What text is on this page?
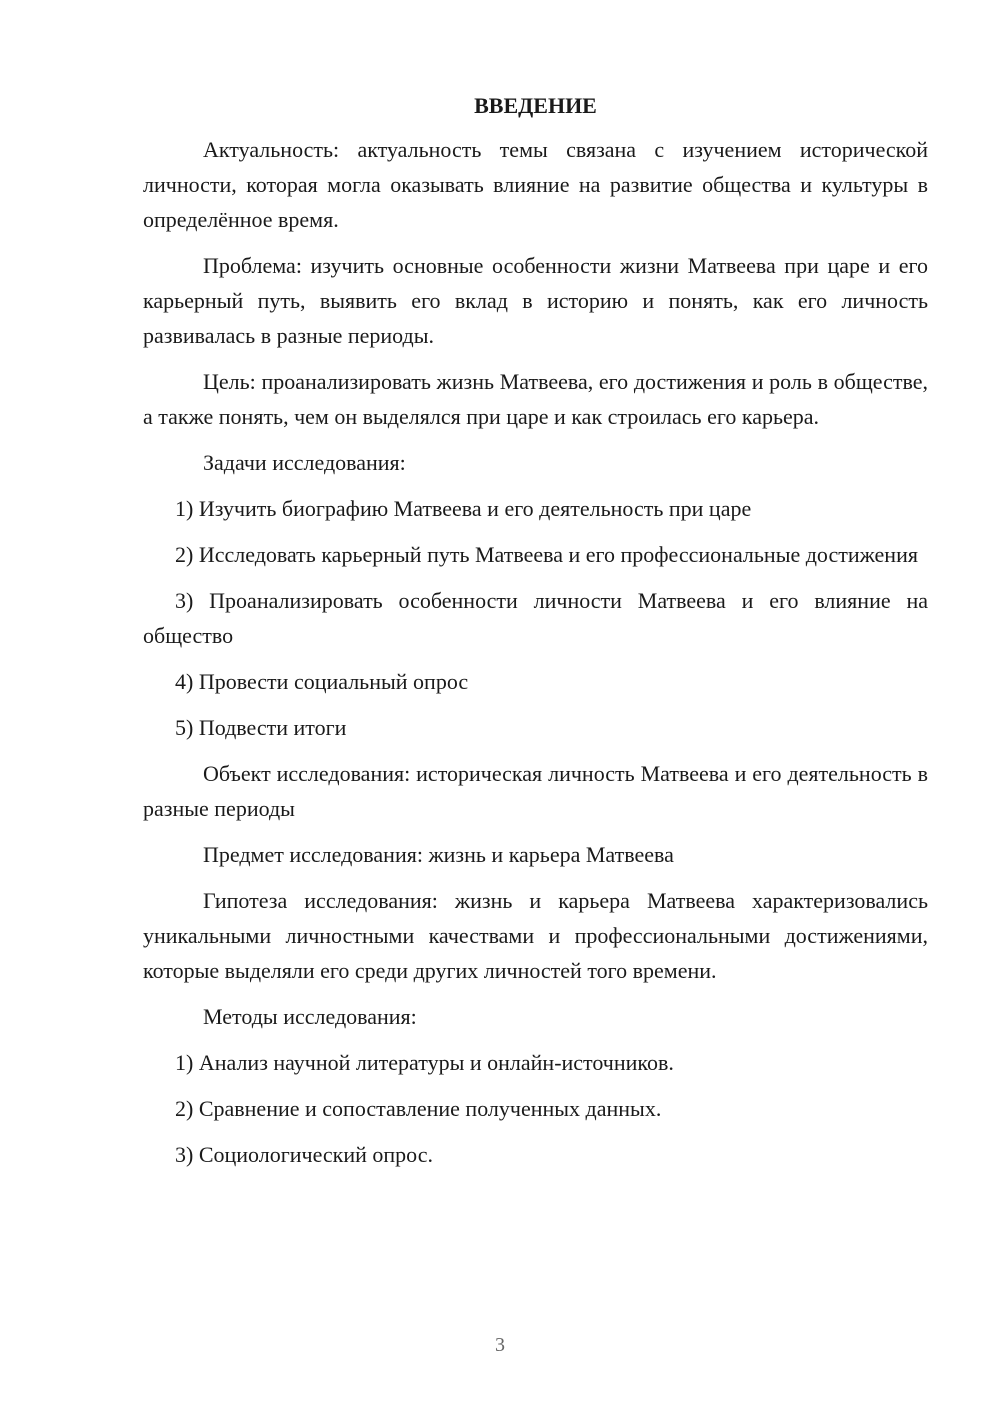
ВВЕДЕНИЕ

Актуальность: актуальность темы связана с изучением исторической личности, которая могла оказывать влияние на развитие общества и культуры в определённое время.

Проблема: изучить основные особенности жизни Матвеева при царе и его карьерный путь, выявить его вклад в историю и понять, как его личность развивалась в разные периоды.

Цель: проанализировать жизнь Матвеева, его достижения и роль в обществе, а также понять, чем он выделялся при царе и как строилась его карьера.

Задачи исследования:

1) Изучить биографию Матвеева и его деятельность при царе

2) Исследовать карьерный путь Матвеева и его профессиональные достижения

3) Проанализировать особенности личности Матвеева и его влияние на общество

4) Провести социальный опрос

5) Подвести итоги

Объект исследования: историческая личность Матвеева и его деятельность в разные периоды

Предмет исследования: жизнь и карьера Матвеева

Гипотеза исследования: жизнь и карьера Матвеева характеризовались уникальными личностными качествами и профессиональными достижениями, которые выделяли его среди других личностей того времени.

Методы исследования:

1) Анализ научной литературы и онлайн-источников.

2) Сравнение и сопоставление полученных данных.

3) Социологический опрос.

3
